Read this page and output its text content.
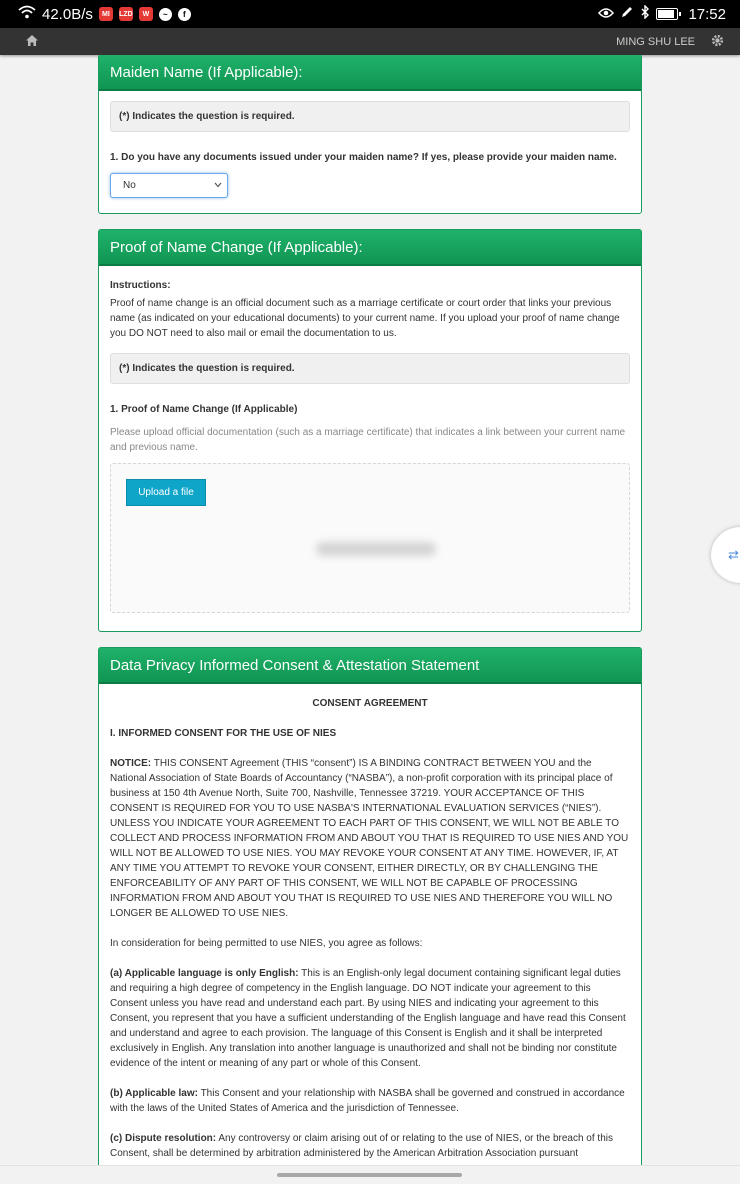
42.0B/s	MI	LZD	W	~	f	17:52
MING SHU LEE
Maiden Name (If Applicable):
(*) Indicates the question is required.
1. Do you have any documents issued under your maiden name? If yes, please provide your maiden name.
No
Proof of Name Change (If Applicable):
Instructions:
Proof of name change is an official document such as a marriage certificate or court order that links your previous name (as indicated on your educational documents) to your current name. If you upload your proof of name change you DO NOT need to also mail or email the documentation to us.
(*) Indicates the question is required.
1. Proof of Name Change (If Applicable)
Please upload official documentation (such as a marriage certificate) that indicates a link between your current name and previous name.
Upload a file
Data Privacy Informed Consent & Attestation Statement
CONSENT AGREEMENT
I. INFORMED CONSENT FOR THE USE OF NIES
NOTICE: THIS CONSENT Agreement (THIS “consent”) IS A BINDING CONTRACT BETWEEN YOU and the National Association of State Boards of Accountancy (“NASBA”), a non-profit corporation with its principal place of business at 150 4th Avenue North, Suite 700, Nashville, Tennessee 37219. YOUR ACCEPTANCE OF THIS CONSENT IS REQUIRED FOR YOU TO USE NASBA'S INTERNATIONAL EVALUATION SERVICES (“NIES”). UNLESS YOU INDICATE YOUR AGREEMENT TO EACH PART OF THIS CONSENT, WE WILL NOT BE ABLE TO COLLECT AND PROCESS INFORMATION FROM AND ABOUT YOU THAT IS REQUIRED TO USE NIES AND YOU WILL NOT BE ALLOWED TO USE NIES. YOU MAY REVOKE YOUR CONSENT AT ANY TIME. HOWEVER, IF, AT ANY TIME YOU ATTEMPT TO REVOKE YOUR CONSENT, EITHER DIRECTLY, OR BY CHALLENGING THE ENFORCEABILITY OF ANY PART OF THIS CONSENT, WE WILL NOT BE CAPABLE OF PROCESSING INFORMATION FROM AND ABOUT YOU THAT IS REQUIRED TO USE NIES AND THEREFORE YOU WILL NO LONGER BE ALLOWED TO USE NIES.
In consideration for being permitted to use NIES, you agree as follows:
(a) Applicable language is only English: This is an English-only legal document containing significant legal duties and requiring a high degree of competency in the English language. DO NOT indicate your agreement to this Consent unless you have read and understand each part. By using NIES and indicating your agreement to this Consent, you represent that you have a sufficient understanding of the English language and have read this Consent and understand and agree to each provision. The language of this Consent is English and it shall be interpreted exclusively in English. Any translation into another language is unauthorized and shall not be binding nor constitute evidence of the intent or meaning of any part or whole of this Consent.
(b) Applicable law: This Consent and your relationship with NASBA shall be governed and construed in accordance with the laws of the United States of America and the jurisdiction of Tennessee.
(c) Dispute resolution: Any controversy or claim arising out of or relating to the use of NIES, or the breach of this Consent, shall be determined by arbitration administered by the American Arbitration Association pursuant
⇄
